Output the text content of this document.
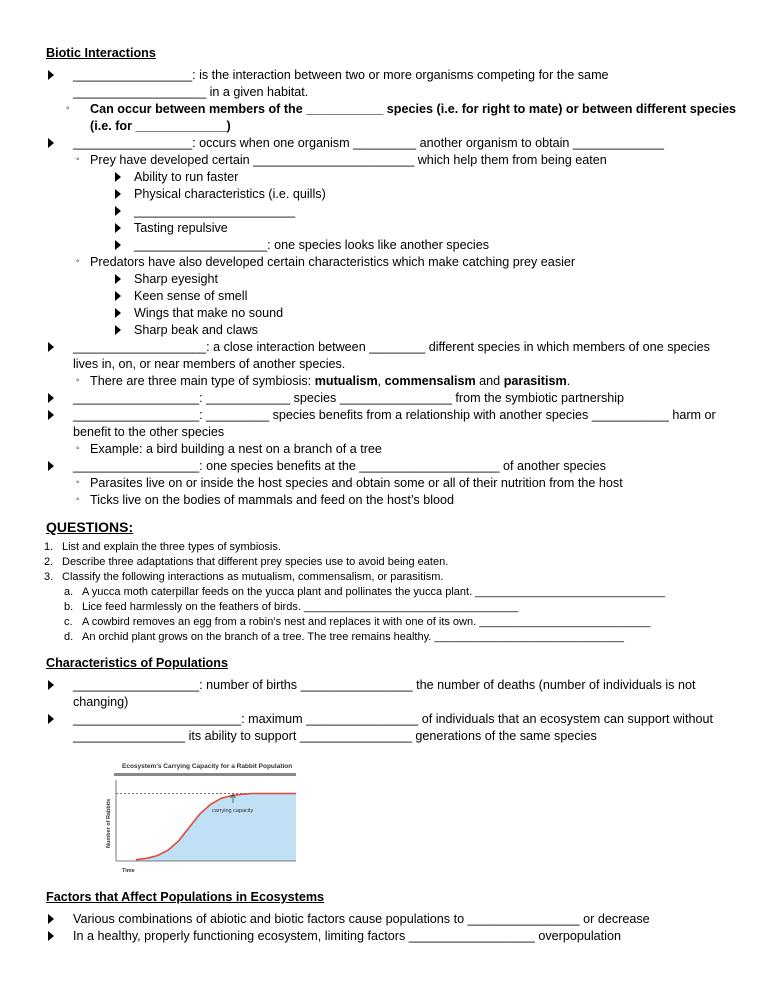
Biotic Interactions
_________________: is the interaction between two or more organisms competing for the same
___________________ in a given habitat.
◦ Can occur between members of the ___________ species (i.e. for right to mate) or between different species
(i.e. for _____________)
_________________: occurs when one organism _________ another organism to obtain _____________
◦ Prey have developed certain _______________________ which help them from being eaten
Ability to run faster
Physical characteristics (i.e. quills)
_______________________
Tasting repulsive
___________________: one species looks like another species
◦ Predators have also developed certain characteristics which make catching prey easier
Sharp eyesight
Keen sense of smell
Wings that make no sound
Sharp beak and claws
___________________: a close interaction between ________ different species in which members of one species
lives in, on, or near members of another species.
◦ There are three main type of symbiosis: mutualism, commensalism and parasitism.
__________________: ____________ species ________________ from the symbiotic partnership
__________________: _________ species benefits from a relationship with another species ___________ harm or
benefit to the other species
◦ Example: a bird building a nest on a branch of a tree
__________________: one species benefits at the ____________________ of another species
◦ Parasites live on or inside the host species and obtain some or all of their nutrition from the host
◦ Ticks live on the bodies of mammals and feed on the host’s blood
QUESTIONS:
1. List and explain the three types of symbiosis.
2. Describe three adaptations that different prey species use to avoid being eaten.
3. Classify the following interactions as mutualism, commensalism, or parasitism.
a. A yucca moth caterpillar feeds on the yucca plant and pollinates the yucca plant. _______________________________
b. Lice feed harmlessly on the feathers of birds. ___________________________________
c. A cowbird removes an egg from a robin’s nest and replaces it with one of its own. ____________________________
d. An orchid plant grows on the branch of a tree. The tree remains healthy. _______________________________
Characteristics of Populations
__________________: number of births ________________ the number of deaths (number of individuals is not
changing)
________________________: maximum ________________ of individuals that an ecosystem can support without
________________ its ability to support ________________ generations of the same species
Ecosystem's Carrying Capacity for a Rabbit Population
carrying capacity
Number of Rabbits
Time
Factors that Affect Populations in Ecosystems
Various combinations of abiotic and biotic factors cause populations to ________________ or decrease
In a healthy, properly functioning ecosystem, limiting factors __________________ overpopulation
